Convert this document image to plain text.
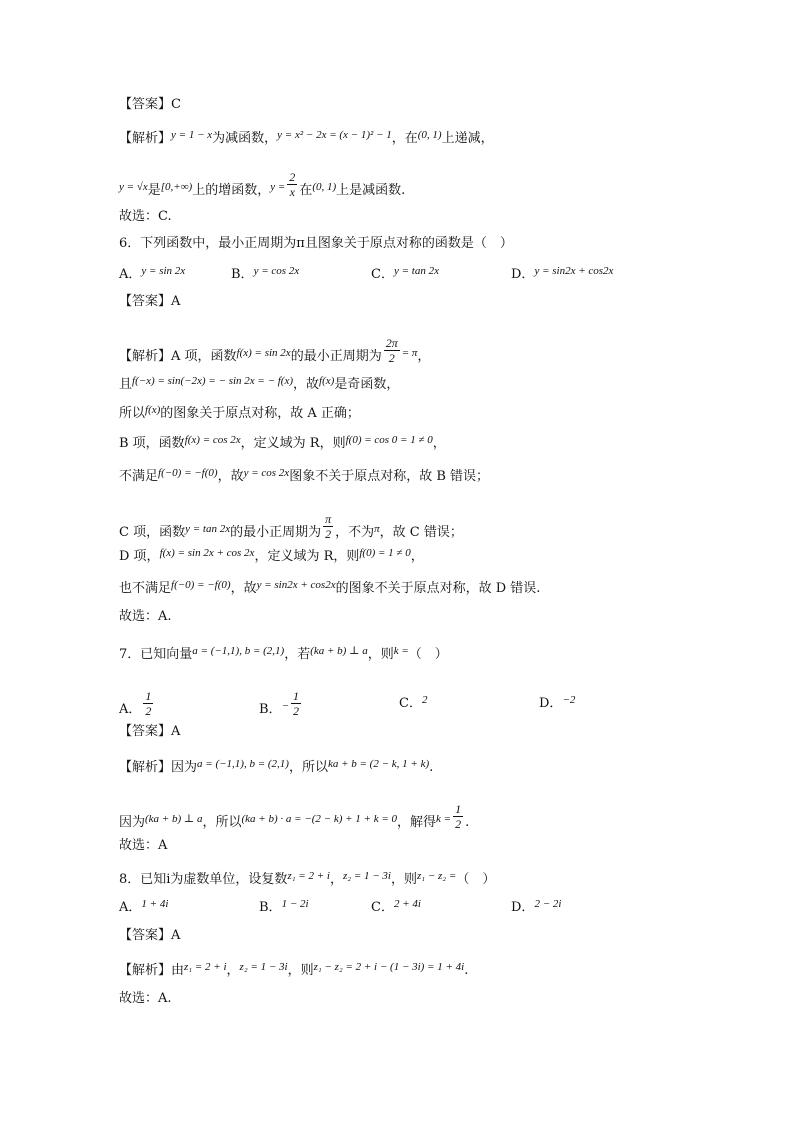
【答案】C
【解析】$^{y = 1 - x}$为减函数，$^{y = x^2 - 2x = (x - 1)^2 - 1}$，在$^{(0, 1)}$上递减，
$^{y = √x}$是$^{[0,+\infty)}$上的增函数，$^{y =} \frac{2}{x}$ 在$^{(0, 1)}$上是减函数.
故选：C.
6．下列函数中，最小正周期为π且图象关于原点对称的函数是（　）
A．$^{y = sin 2x}$	B．$^{y = cos 2x}$	C．$^{y = tan 2x}$	D．$^{y = sin2x + cos2x}$
【答案】A
【解析】A 项，函数$^{f(x) = sin 2x}$的最小正周期为 $\frac{2\pi}{2} ^{= \pi}$，
且$^{f(-x) = sin(-2x) = - sin 2x = - f(x)}$，故$^{f(x)}$是奇函数，
所以$^{f(x)}$的图象关于原点对称，故 A 正确；
B 项，函数$^{f(x) = cos 2x}$，定义域为 R，则$^{f(0) = cos 0 = 1 \ne 0}$，
不满足$^{f(-0) = -f(0)}$，故$^{y = cos 2x}$图象不关于原点对称，故 B 错误；
C 项，函数$^{y = tan 2x}$的最小正周期为 $\frac{\pi}{2}$ ，不为$^\pi$，故 C 错误；
D 项，$^{f(x) = sin 2x + cos 2x}$，定义域为 R，则$^{f(0) = 1 \ne 0}$，
也不满足$^{f(-0) = -f(0)}$，故$^{y = sin2x + cos2x}$的图象不关于原点对称，故 D 错误.
故选：A.
7．已知向量$^{a = (-1,1), b = (2,1)}$，若$^{(ka + b) \perp a}$，则$^{k =}$（　）
A． $\frac{1}{2}$	B．$^- \frac{1}{2}$	C．$^2$	D．$^{-2}$
【答案】A
【解析】因为$^{a = (-1,1), b = (2,1)}$，所以$^{ka + b = (2 - k, 1 + k)}$.
因为$^{(ka + b) \perp a}$，所以$^{(ka + b) \cdot a = -(2 - k) + 1 + k = 0}$，解得$^{k =} \frac{1}{2}$ .
故选：A
8．已知i为虚数单位，设复数$^{z_1 = 2 + i}$，$^{z_2 = 1 - 3i}$，则$^{z_1 - z_2 =}$（　）
A．$^{1 + 4i}$	B．$^{1 - 2i}$	C．$^{2 + 4i}$	D．$^{2 - 2i}$
【答案】A
【解析】由$^{z_1 = 2 + i}$，$^{z_2 = 1 - 3i}$，则$^{z_1 - z_2 = 2 + i - (1 - 3i) = 1 + 4i}$.
故选：A.
